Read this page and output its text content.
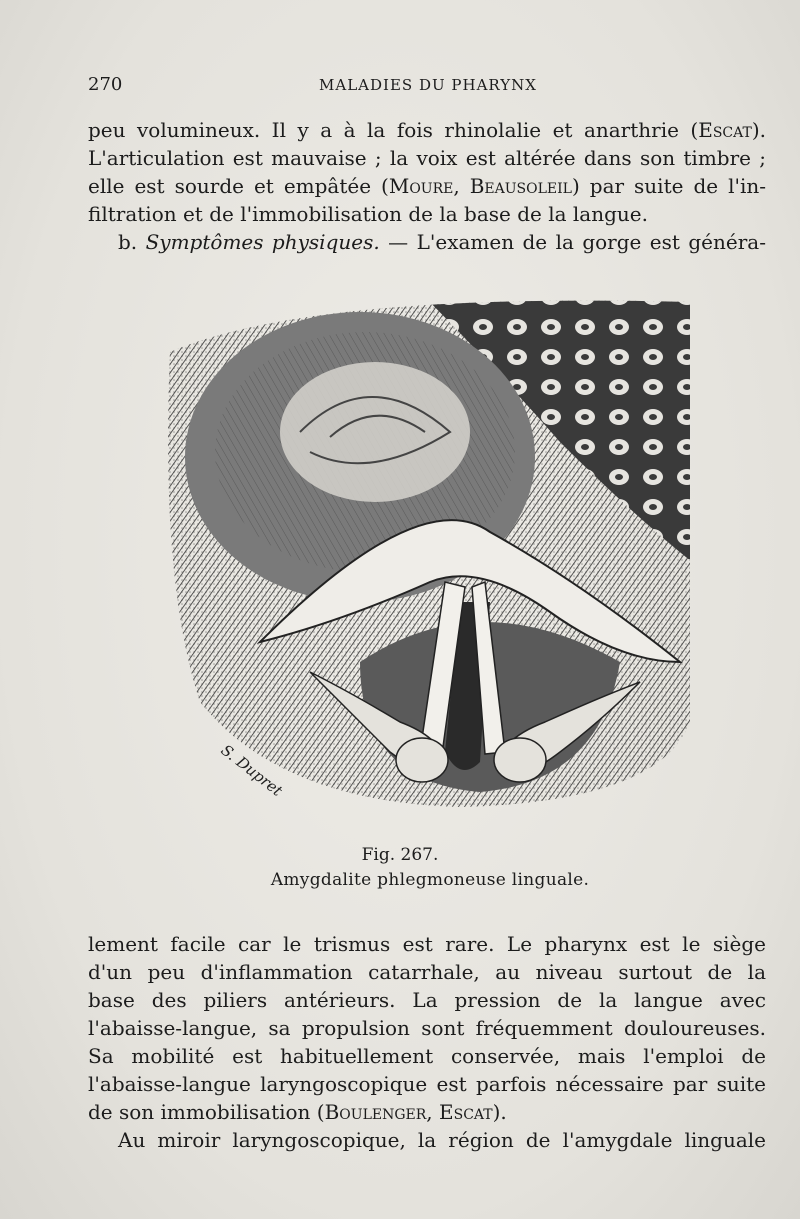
270	MALADIES DU PHARYNX
peu volumineux. Il y a à la fois rhinolalie et anarthrie (Escat).
L'articulation est mauvaise ; la voix est altérée dans son timbre ;
elle est sourde et empâtée (Moure, Beausoleil) par suite de l'in-
filtration et de l'immobilisation de la base de la langue.
b. Symptômes physiques. — L'examen de la gorge est généra-
S. Dupret
Fig. 267.
Amygdalite phlegmoneuse linguale.
lement facile car le trismus est rare. Le pharynx est le siège
d'un peu d'inflammation catarrhale, au niveau surtout de la
base des piliers antérieurs. La pression de la langue avec
l'abaisse-langue, sa propulsion sont fréquemment douloureuses.
Sa mobilité est habituellement conservée, mais l'emploi de
l'abaisse-langue laryngoscopique est parfois nécessaire par suite
de son immobilisation (Boulenger, Escat).
Au miroir laryngoscopique, la région de l'amygdale linguale
